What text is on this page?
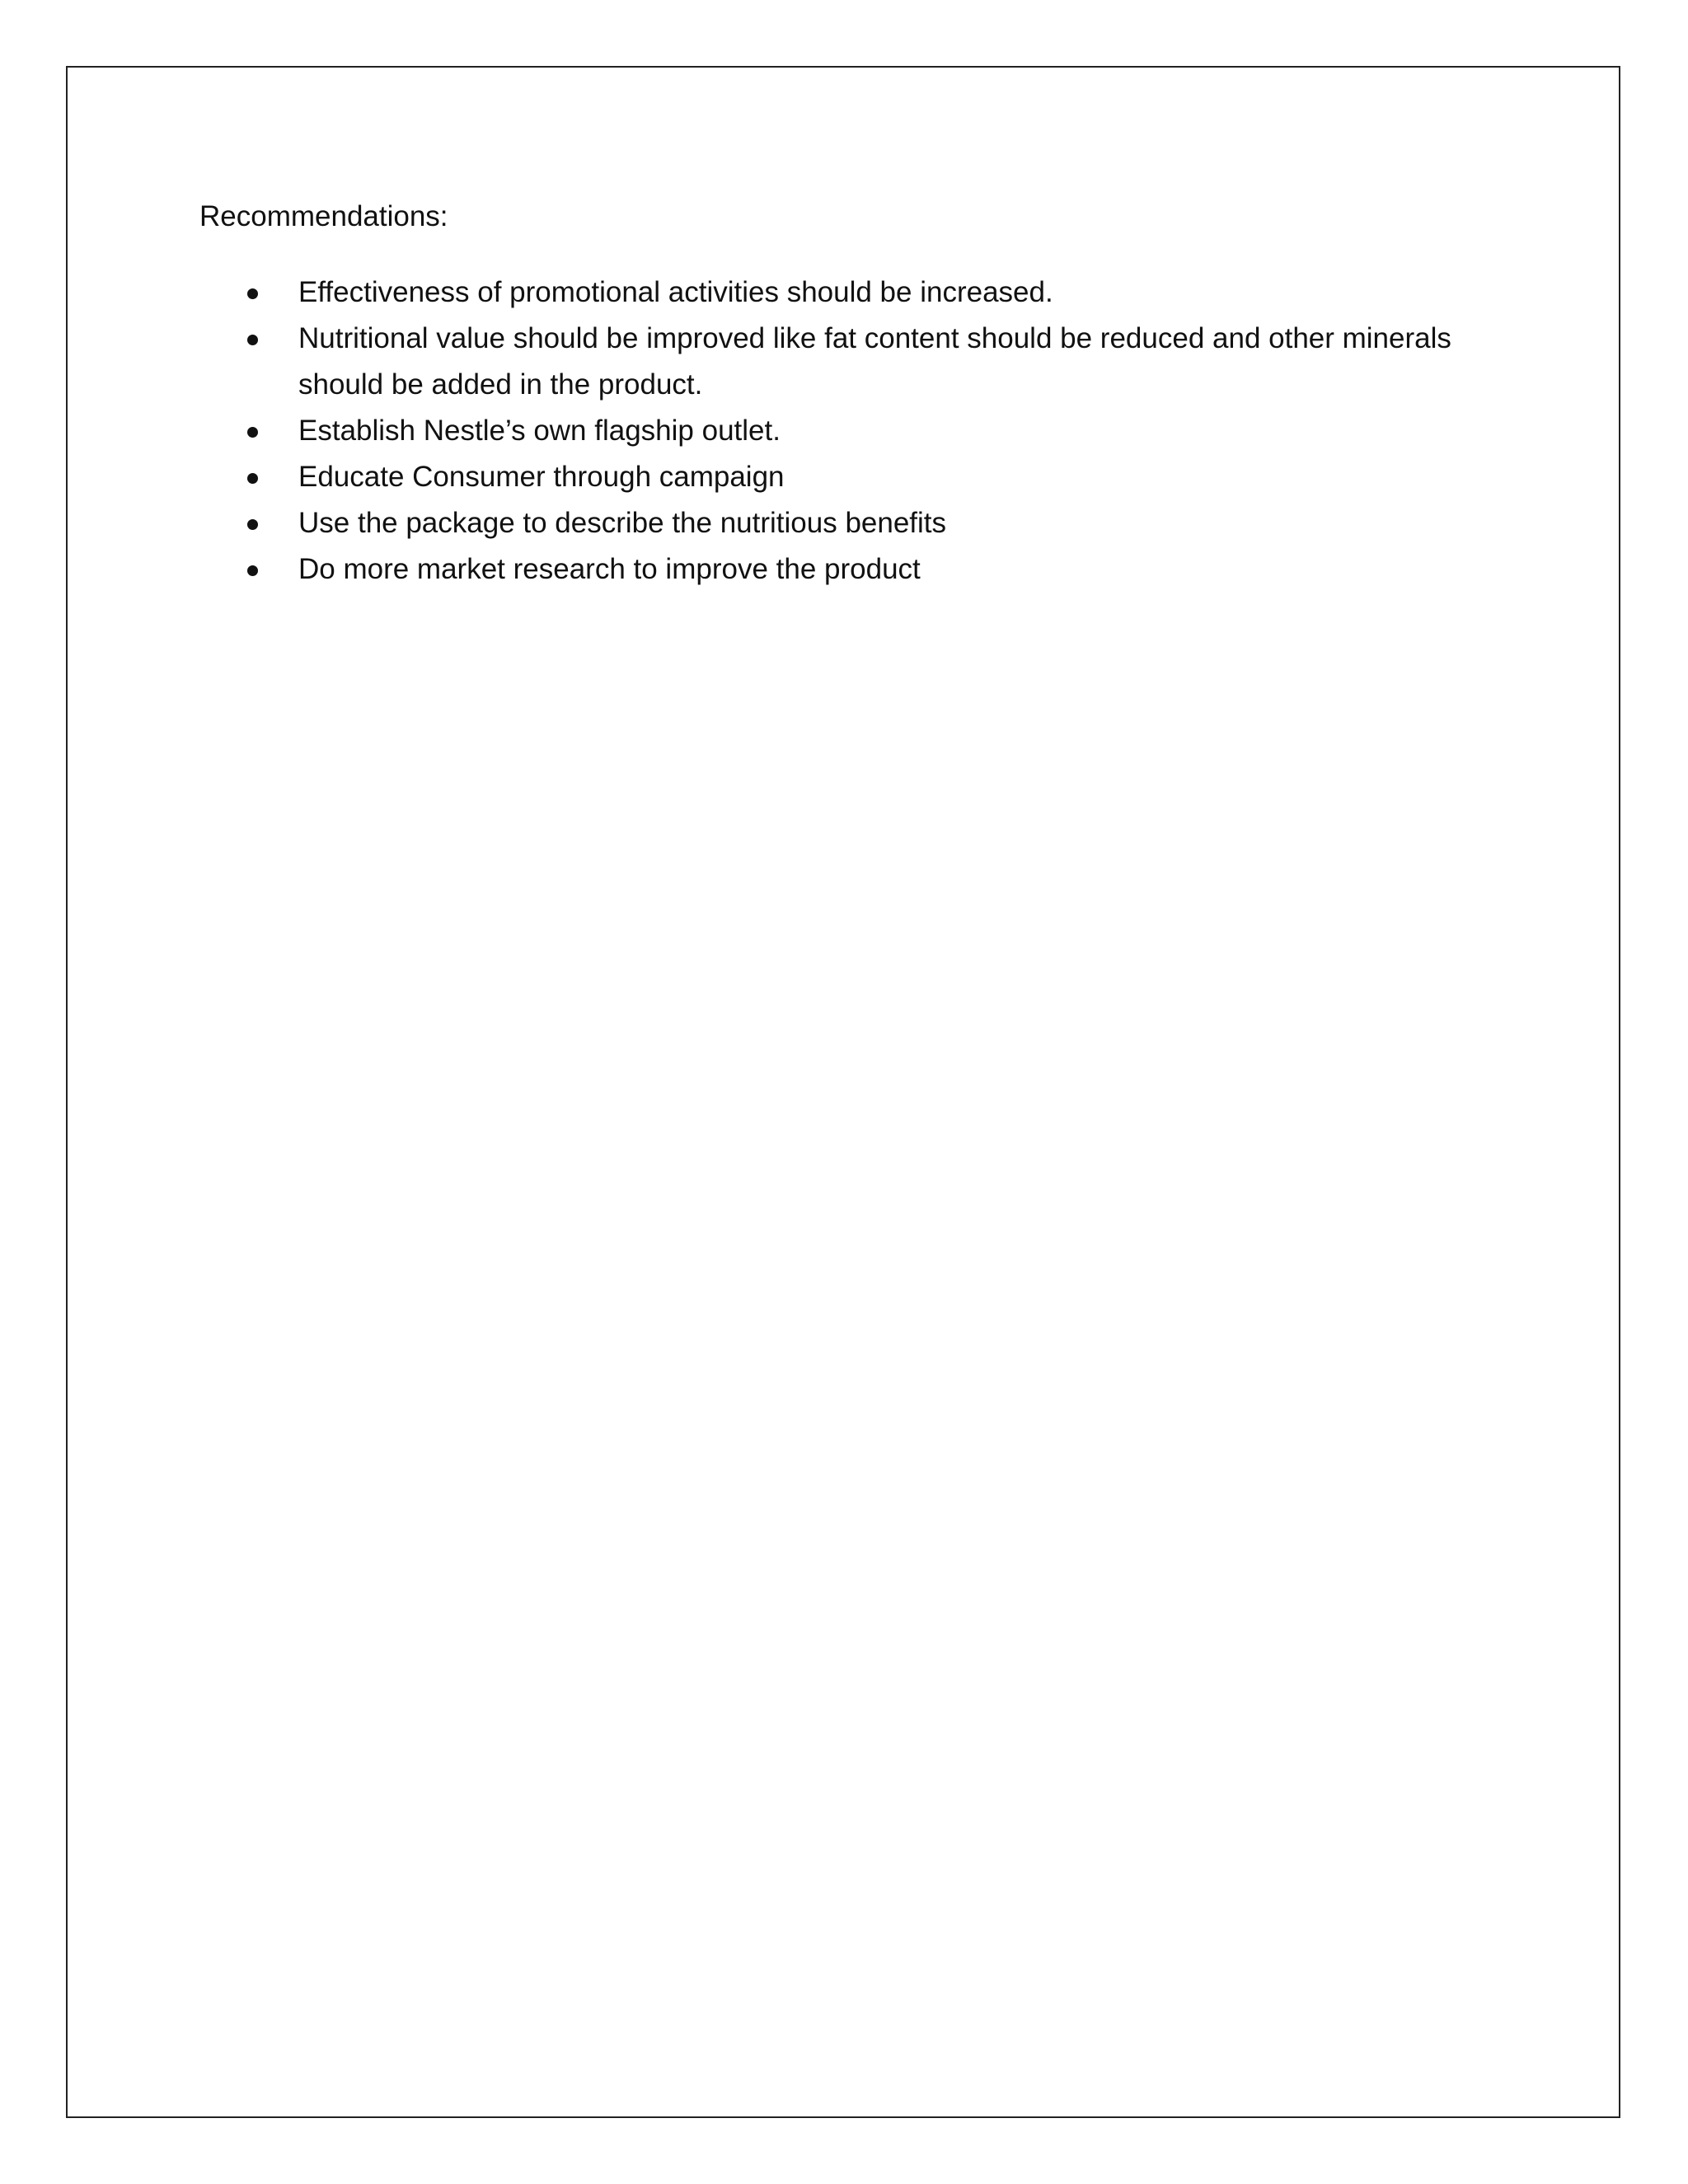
Recommendations:

Effectiveness of promotional activities should be increased.
Nutritional value should be improved like fat content should be reduced and other minerals should be added in the product.
Establish Nestle’s own flagship outlet.
Educate Consumer through campaign
Use the package to describe the nutritious benefits
Do more market research to improve the product
